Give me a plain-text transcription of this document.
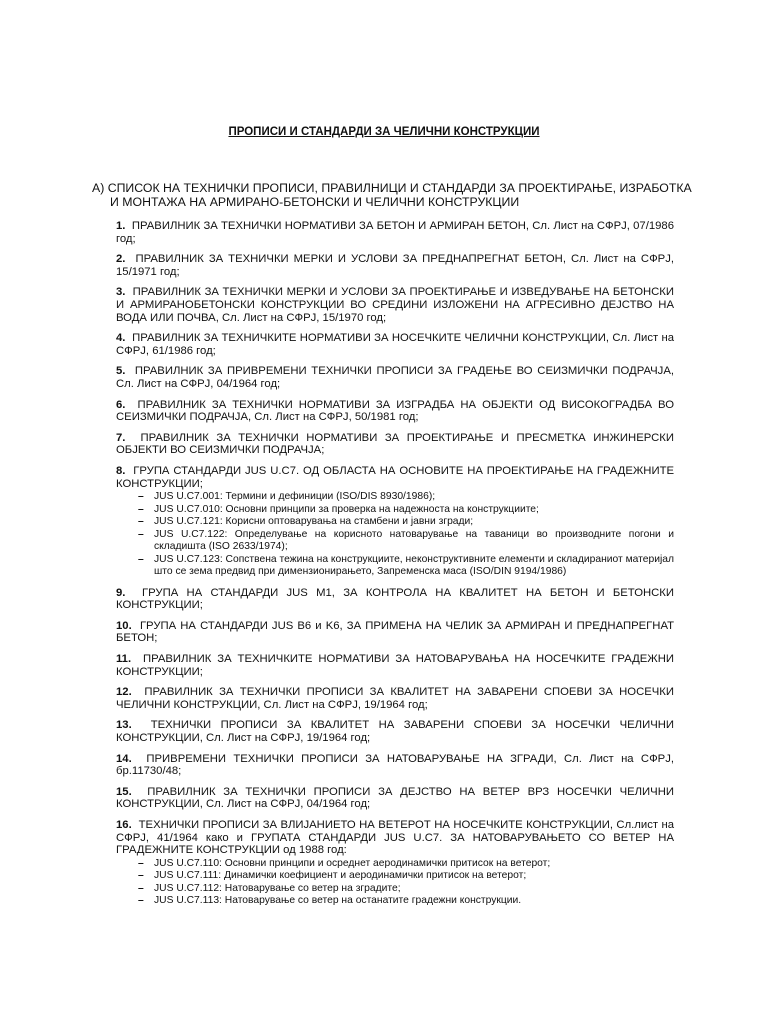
ПРОПИСИ И СТАНДАРДИ ЗА ЧЕЛИЧНИ КОНСТРУКЦИИ
А) СПИСОК НА ТЕХНИЧКИ ПРОПИСИ, ПРАВИЛНИЦИ И СТАНДАРДИ ЗА ПРОЕКТИРАЊЕ, ИЗРАБОТКА И МОНТАЖА НА АРМИРАНО-БЕТОНСКИ И ЧЕЛИЧНИ КОНСТРУКЦИИ
1. ПРАВИЛНИК ЗА ТЕХНИЧКИ НОРМАТИВИ ЗА БЕТОН И АРМИРАН БЕТОН, Сл. Лист на СФРЈ, 07/1986 год;
2. ПРАВИЛНИК ЗА ТЕХНИЧКИ МЕРКИ И УСЛОВИ ЗА ПРЕДНАПРЕГНАТ БЕТОН, Сл. Лист на СФРЈ, 15/1971 год;
3. ПРАВИЛНИК ЗА ТЕХНИЧКИ МЕРКИ И УСЛОВИ ЗА ПРОЕКТИРАЊЕ И ИЗВЕДУВАЊЕ НА БЕТОНСКИ И АРМИРАНОБЕТОНСКИ КОНСТРУКЦИИ ВО СРЕДИНИ ИЗЛОЖЕНИ НА АГРЕСИВНО ДЕЈСТВО НА ВОДА ИЛИ ПОЧВА, Сл. Лист на СФРЈ, 15/1970 год;
4. ПРАВИЛНИК ЗА ТЕХНИЧКИТЕ НОРМАТИВИ ЗА НОСЕЧКИТЕ ЧЕЛИЧНИ КОНСТРУКЦИИ, Сл. Лист на СФРЈ, 61/1986 год;
5. ПРАВИЛНИК ЗА ПРИВРЕМЕНИ ТЕХНИЧКИ ПРОПИСИ ЗА ГРАДЕЊЕ ВО СЕИЗМИЧКИ ПОДРАЧЈА, Сл. Лист на СФРЈ, 04/1964 год;
6. ПРАВИЛНИК ЗА ТЕХНИЧКИ НОРМАТИВИ ЗА ИЗГРАДБА НА ОБЈЕКТИ ОД ВИСОКОГРАДБА ВО СЕИЗМИЧКИ ПОДРАЧЈА, Сл. Лист на СФРЈ, 50/1981 год;
7. ПРАВИЛНИК ЗА ТЕХНИЧКИ НОРМАТИВИ ЗА ПРОЕКТИРАЊЕ И ПРЕСМЕТКА ИНЖИНЕРСКИ ОБЈЕКТИ ВО СЕИЗМИЧКИ ПОДРАЧЈА;
8. ГРУПА СТАНДАРДИ JUS U.C7. ОД ОБЛАСТА НА ОСНОВИТЕ НА ПРОЕКТИРАЊЕ НА ГРАДЕЖНИТЕ КОНСТРУКЦИИ;
– JUS U.C7.001: Термини и дефиниции (ISO/DIS 8930/1986);
– JUS U.C7.010: Основни принципи за проверка на надежноста на конструкциите;
– JUS U.C7.121: Корисни оптоварувања на стамбени и јавни згради;
– JUS U.C7.122: Определување на корисното натоварување на таваници во производните погони и складишта (ISO 2633/1974);
– JUS U.C7.123: Сопствена тежина на конструкциите, неконструктивните елементи и складираниот материјал што се зема предвид при димензионирањето, Запременска маса (ISO/DIN 9194/1986)
9. ГРУПА НА СТАНДАРДИ JUS M1, ЗА КОНТРОЛА НА КВАЛИТЕТ НА БЕТОН И БЕТОНСКИ КОНСТРУКЦИИ;
10. ГРУПА НА СТАНДАРДИ JUS B6 и K6, ЗА ПРИМЕНА НА ЧЕЛИК ЗА АРМИРАН И ПРЕДНАПРЕГНАТ БЕТОН;
11. ПРАВИЛНИК ЗА ТЕХНИЧКИТЕ НОРМАТИВИ ЗА НАТОВАРУВАЊА НА НОСЕЧКИТЕ ГРАДЕЖНИ КОНСТРУКЦИИ;
12. ПРАВИЛНИК ЗА ТЕХНИЧКИ ПРОПИСИ ЗА КВАЛИТЕТ НА ЗАВАРЕНИ СПОЕВИ ЗА НОСЕЧКИ ЧЕЛИЧНИ КОНСТРУКЦИИ, Сл. Лист на СФРЈ, 19/1964 год;
13. ТЕХНИЧКИ ПРОПИСИ ЗА КВАЛИТЕТ НА ЗАВАРЕНИ СПОЕВИ ЗА НОСЕЧКИ ЧЕЛИЧНИ КОНСТРУКЦИИ, Сл. Лист на СФРЈ, 19/1964 год;
14. ПРИВРЕМЕНИ ТЕХНИЧКИ ПРОПИСИ ЗА НАТОВАРУВАЊЕ НА ЗГРАДИ, Сл. Лист на СФРЈ, бр.11730/48;
15. ПРАВИЛНИК ЗА ТЕХНИЧКИ ПРОПИСИ ЗА ДЕЈСТВО НА ВЕТЕР ВРЗ НОСЕЧКИ ЧЕЛИЧНИ КОНСТРУКЦИИ, Сл. Лист на СФРЈ, 04/1964 год;
16. ТЕХНИЧКИ ПРОПИСИ ЗА ВЛИЈАНИЕТО НА ВЕТЕРОТ НА НОСЕЧКИТЕ КОНСТРУКЦИИ, Сл.лист на СФРЈ, 41/1964 како и ГРУПАТА СТАНДАРДИ JUS U.C7. ЗА НАТОВАРУВАЊЕТО СО ВЕТЕР НА ГРАДЕЖНИТЕ КОНСТРУКЦИИ од 1988 год:
– JUS U.C7.110: Основни принципи и осреднет аеродинамички притисок на ветерот;
– JUS U.C7.111: Динамички коефициент и аеродинамички притисок на ветерот;
– JUS U.C7.112: Натоварување со ветер на зградите;
– JUS U.C7.113: Натоварување со ветер на останатите градежни конструкции.
